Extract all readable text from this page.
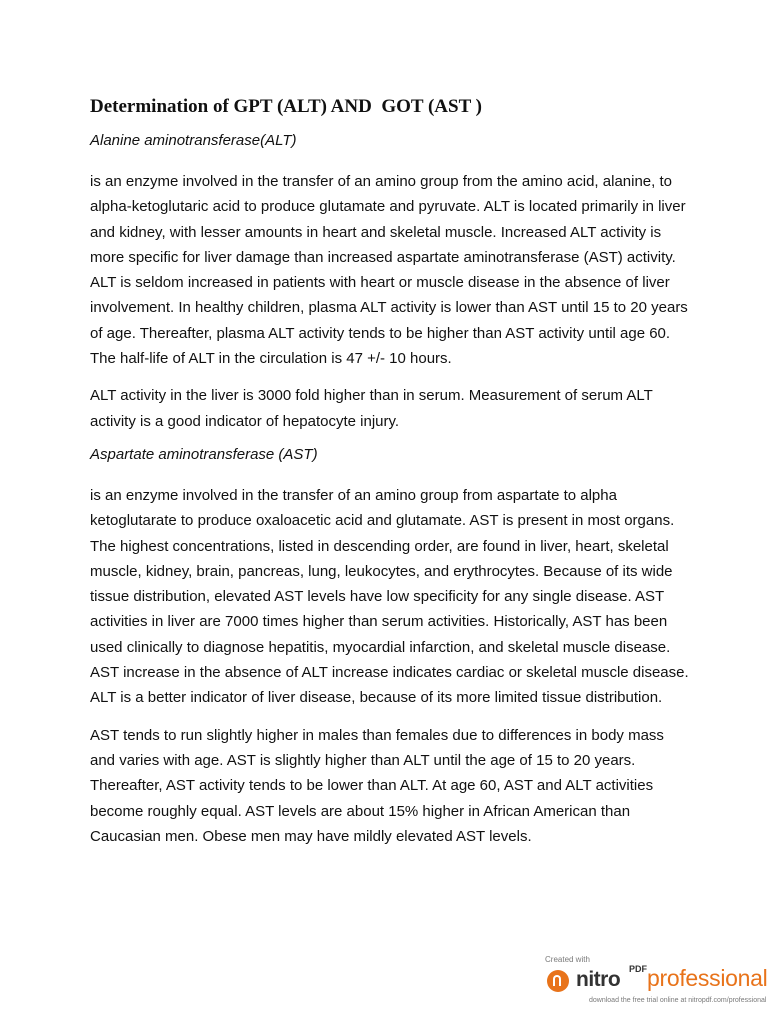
Determination of GPT (ALT) AND  GOT (AST )
Alanine aminotransferase(ALT)

is an enzyme involved in the transfer of an amino group from the amino acid, alanine, to alpha-ketoglutaric acid to produce glutamate and pyruvate. ALT is located primarily in liver and kidney, with lesser amounts in heart and skeletal muscle. Increased ALT activity is more specific for liver damage than increased aspartate aminotransferase (AST) activity. ALT is seldom increased in patients with heart or muscle disease in the absence of liver involvement. In healthy children, plasma ALT activity is lower than AST until 15 to 20 years of age. Thereafter, plasma ALT activity tends to be higher than AST activity until age 60. The half-life of ALT in the circulation is 47 +/- 10 hours.

ALT activity in the liver is 3000 fold higher than in serum. Measurement of serum ALT activity is a good indicator of hepatocyte injury.

Aspartate aminotransferase (AST)

is an enzyme involved in the transfer of an amino group from aspartate to alpha ketoglutarate to produce oxaloacetic acid and glutamate. AST is present in most organs. The highest concentrations, listed in descending order, are found in liver, heart, skeletal muscle, kidney, brain, pancreas, lung, leukocytes, and erythrocytes. Because of its wide tissue distribution, elevated AST levels have low specificity for any single disease. AST activities in liver are 7000 times higher than serum activities. Historically, AST has been used clinically to diagnose hepatitis, myocardial infarction, and skeletal muscle disease. AST increase in the absence of ALT increase indicates cardiac or skeletal muscle disease. ALT is a better indicator of liver disease, because of its more limited tissue distribution.

AST tends to run slightly higher in males than females due to differences in body mass and varies with age. AST is slightly higher than ALT until the age of 15 to 20 years. Thereafter, AST activity tends to be lower than ALT. At age 60, AST and ALT activities become roughly equal. AST levels are about 15% higher in African American than Caucasian men. Obese men may have mildly elevated AST levels.

Created with
nitro PDF professional
download the free trial online at nitropdf.com/professional
